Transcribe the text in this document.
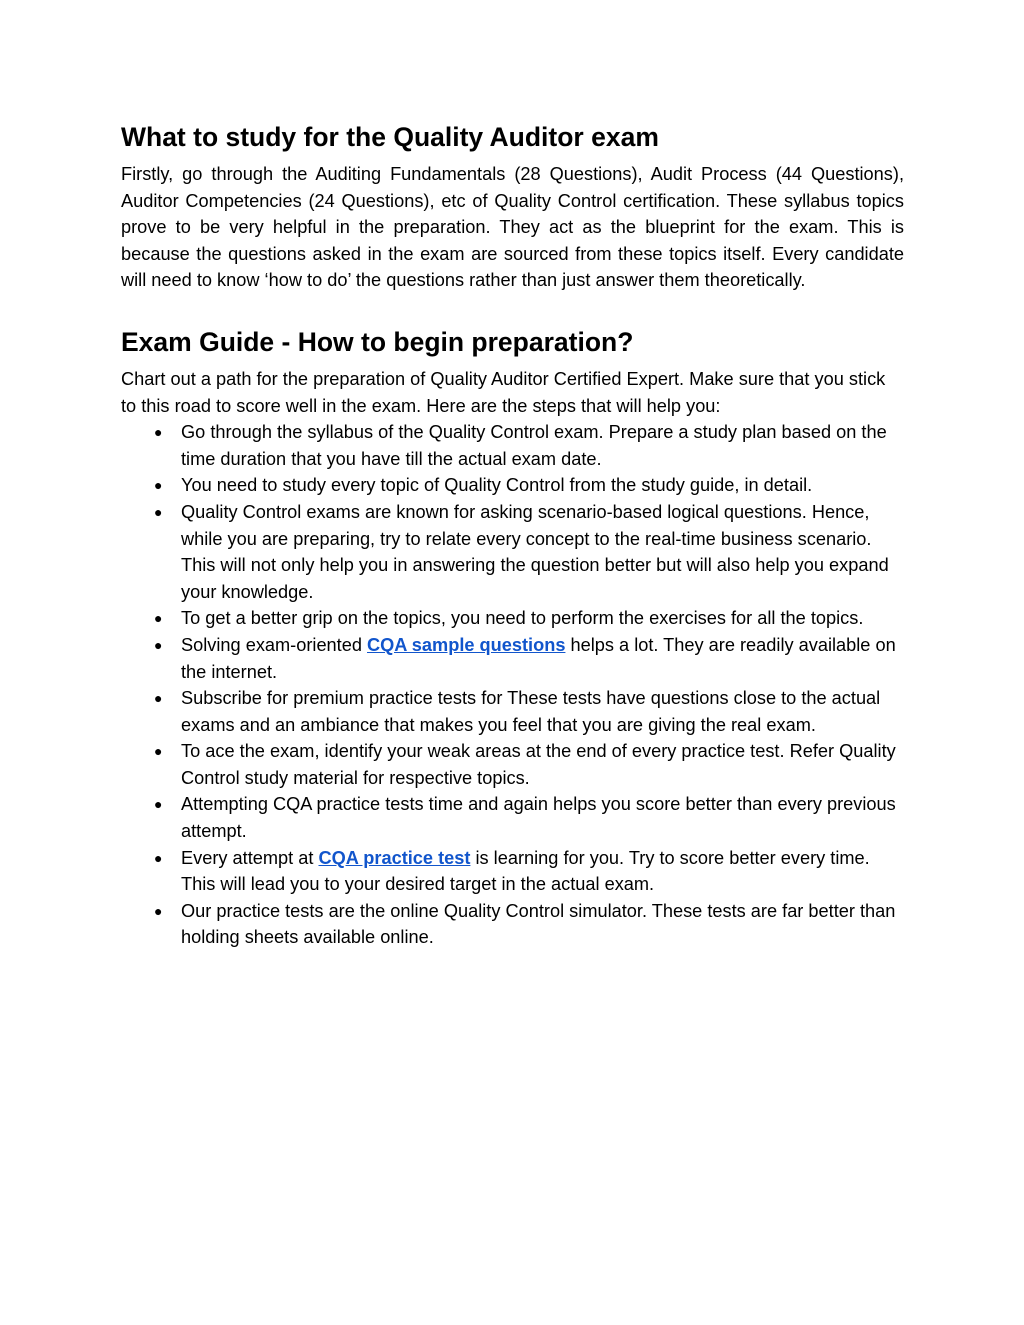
What to study for the Quality Auditor exam

Firstly, go through the Auditing Fundamentals (28 Questions), Audit Process (44 Questions), Auditor Competencies (24 Questions), etc of Quality Control certification. These syllabus topics prove to be very helpful in the preparation. They act as the blueprint for the exam. This is because the questions asked in the exam are sourced from these topics itself. Every candidate will need to know ‘how to do’ the questions rather than just answer them theoretically.

Exam Guide - How to begin preparation?

Chart out a path for the preparation of Quality Auditor Certified Expert. Make sure that you stick to this road to score well in the exam. Here are the steps that will help you:

● Go through the syllabus of the Quality Control exam. Prepare a study plan based on the time duration that you have till the actual exam date.
● You need to study every topic of Quality Control from the study guide, in detail.
● Quality Control exams are known for asking scenario-based logical questions. Hence, while you are preparing, try to relate every concept to the real-time business scenario. This will not only help you in answering the question better but will also help you expand your knowledge.
● To get a better grip on the topics, you need to perform the exercises for all the topics.
● Solving exam-oriented CQA sample questions helps a lot. They are readily available on the internet.
● Subscribe for premium practice tests for These tests have questions close to the actual exams and an ambiance that makes you feel that you are giving the real exam.
● To ace the exam, identify your weak areas at the end of every practice test. Refer Quality Control study material for respective topics.
● Attempting CQA practice tests time and again helps you score better than every previous attempt.
● Every attempt at CQA practice test is learning for you. Try to score better every time. This will lead you to your desired target in the actual exam.
● Our practice tests are the online Quality Control simulator. These tests are far better than holding sheets available online.
